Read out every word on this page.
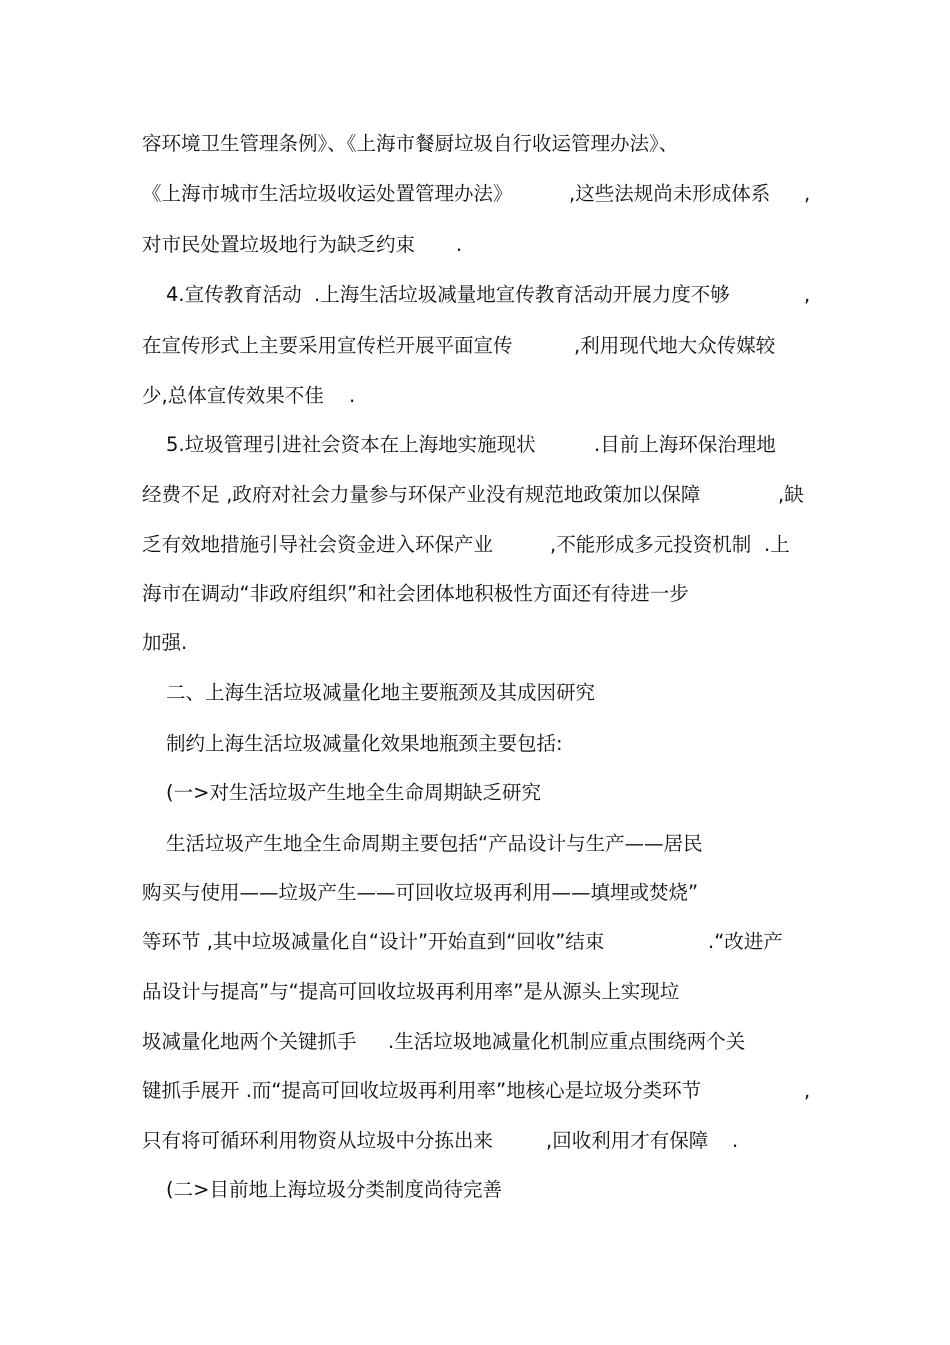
容环境卫生管理条例》、《上海市餐厨垃圾自行收运管理办法》、
《上海市城市生活垃圾收运处置管理办法》	,这些法规尚未形成体系 ,
对市民处置垃圾地行为缺乏约束 .
4.宣传教育活动 .上海生活垃圾减量地宣传教育活动开展力度不够	,
在宣传形式上主要采用宣传栏开展平面宣传	,利用现代地大众传媒较
少,总体宣传效果不佳 .
5.垃圾管理引进社会资本在上海地实施现状	.目前上海环保治理地
经费不足 ,政府对社会力量参与环保产业没有规范地政策加以保障	,缺
乏有效地措施引导社会资金进入环保产业	,不能形成多元投资机制 .上
海市在调动“非政府组织”和社会团体地积极性方面还有待进一步
加强.
二、上海生活垃圾减量化地主要瓶颈及其成因研究
制约上海生活垃圾减量化效果地瓶颈主要包括:
(一>对生活垃圾产生地全生命周期缺乏研究
生活垃圾产生地全生命周期主要包括“产品设计与生产——居民
购买与使用——垃圾产生——可回收垃圾再利用——填埋或焚烧”
等环节 ,其中垃圾减量化自“设计”开始直到“回收”结束	.“改进产
品设计与提高”与“提高可回收垃圾再利用率”是从源头上实现垃
圾减量化地两个关键抓手 .生活垃圾地减量化机制应重点围绕两个关
键抓手展开 .而“提高可回收垃圾再利用率”地核心是垃圾分类环节	,
只有将可循环利用物资从垃圾中分拣出来	,回收利用才有保障 .
(二>目前地上海垃圾分类制度尚待完善
